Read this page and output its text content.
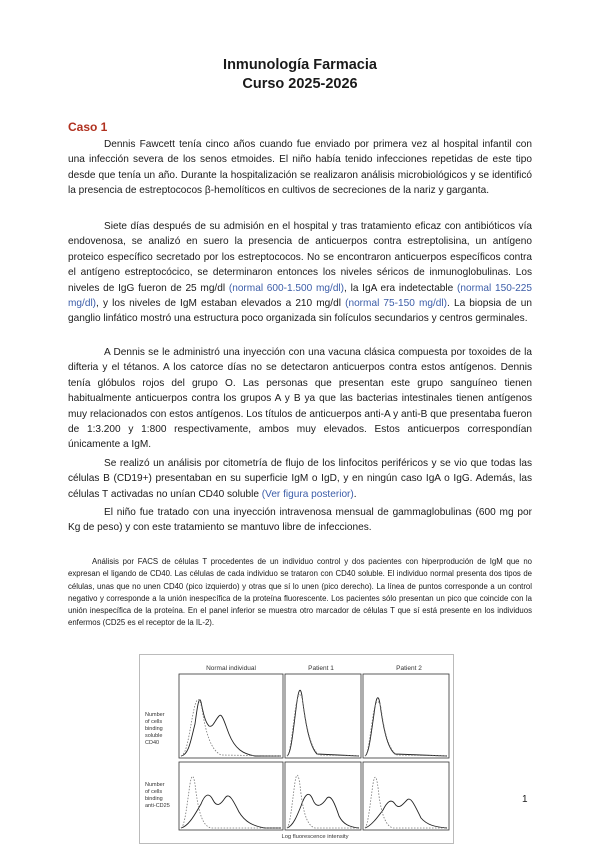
Inmunología Farmacia
Curso 2025-2026
Caso 1

Dennis Fawcett tenía cinco años cuando fue enviado por primera vez al hospital infantil con una infección severa de los senos etmoides. El niño había tenido infecciones repetidas de este tipo desde que tenía un año. Durante la hospitalización se realizaron análisis microbiológicos y se identificó la presencia de estreptococos β-hemolíticos en cultivos de secreciones de la nariz y garganta.

Siete días después de su admisión en el hospital y tras tratamiento eficaz con antibióticos vía endovenosa, se analizó en suero la presencia de anticuerpos contra estreptolisina, un antígeno proteico específico secretado por los estreptococos. No se encontraron anticuerpos específicos contra el antígeno estreptocócico, se determinaron entonces los niveles séricos de inmunoglobulinas. Los niveles de IgG fueron de 25 mg/dl (normal 600-1.500 mg/dl), la IgA era indetectable (normal 150-225 mg/dl), y los niveles de IgM estaban elevados a 210 mg/dl (normal 75-150 mg/dl). La biopsia de un ganglio linfático mostró una estructura poco organizada sin folículos secundarios y centros germinales.

A Dennis se le administró una inyección con una vacuna clásica compuesta por toxoides de la difteria y el tétanos. A los catorce días no se detectaron anticuerpos contra estos antígenos. Dennis tenía glóbulos rojos del grupo O. Las personas que presentan este grupo sanguíneo tienen habitualmente anticuerpos contra los grupos A y B ya que las bacterias intestinales tienen antígenos muy relacionados con estos antígenos. Los títulos de anticuerpos anti-A y anti-B que presentaba fueron de 1:3.200 y 1:800 respectivamente, ambos muy elevados. Estos anticuerpos correspondían únicamente a IgM.

Se realizó un análisis por citometría de flujo de los linfocitos periféricos y se vio que todas las células B (CD19+) presentaban en su superficie IgM o IgD, y en ningún caso IgA o IgG. Además, las células T activadas no unían CD40 soluble (Ver figura posterior).

El niño fue tratado con una inyección intravenosa mensual de gammaglobulinas (600 mg por Kg de peso) y con este tratamiento se mantuvo libre de infecciones.

Análisis por FACS de células T procedentes de un individuo control y dos pacientes con hiperprodución de IgM que no expresan el ligando de CD40. Las células de cada individuo se trataron con CD40 soluble. El individuo normal presenta dos tipos de células, unas que no unen CD40 (pico izquierdo) y otras que sí lo unen (pico derecho). La línea de puntos corresponde a un control negativo y corresponde a la unión inespecífica de la proteína fluorescente. Los pacientes sólo presentan un pico que coincide con la unión inespecífica de la proteína. En el panel inferior se muestra otro marcador de células T que sí está presente en los individuos enfermos (CD25 es el receptor de la IL-2).

Normal individual	Patient 1	Patient 2
Number
of cells
binding
soluble
CD40
Number
of cells
binding
anti-CD25
Log fluorescence intensity
1
